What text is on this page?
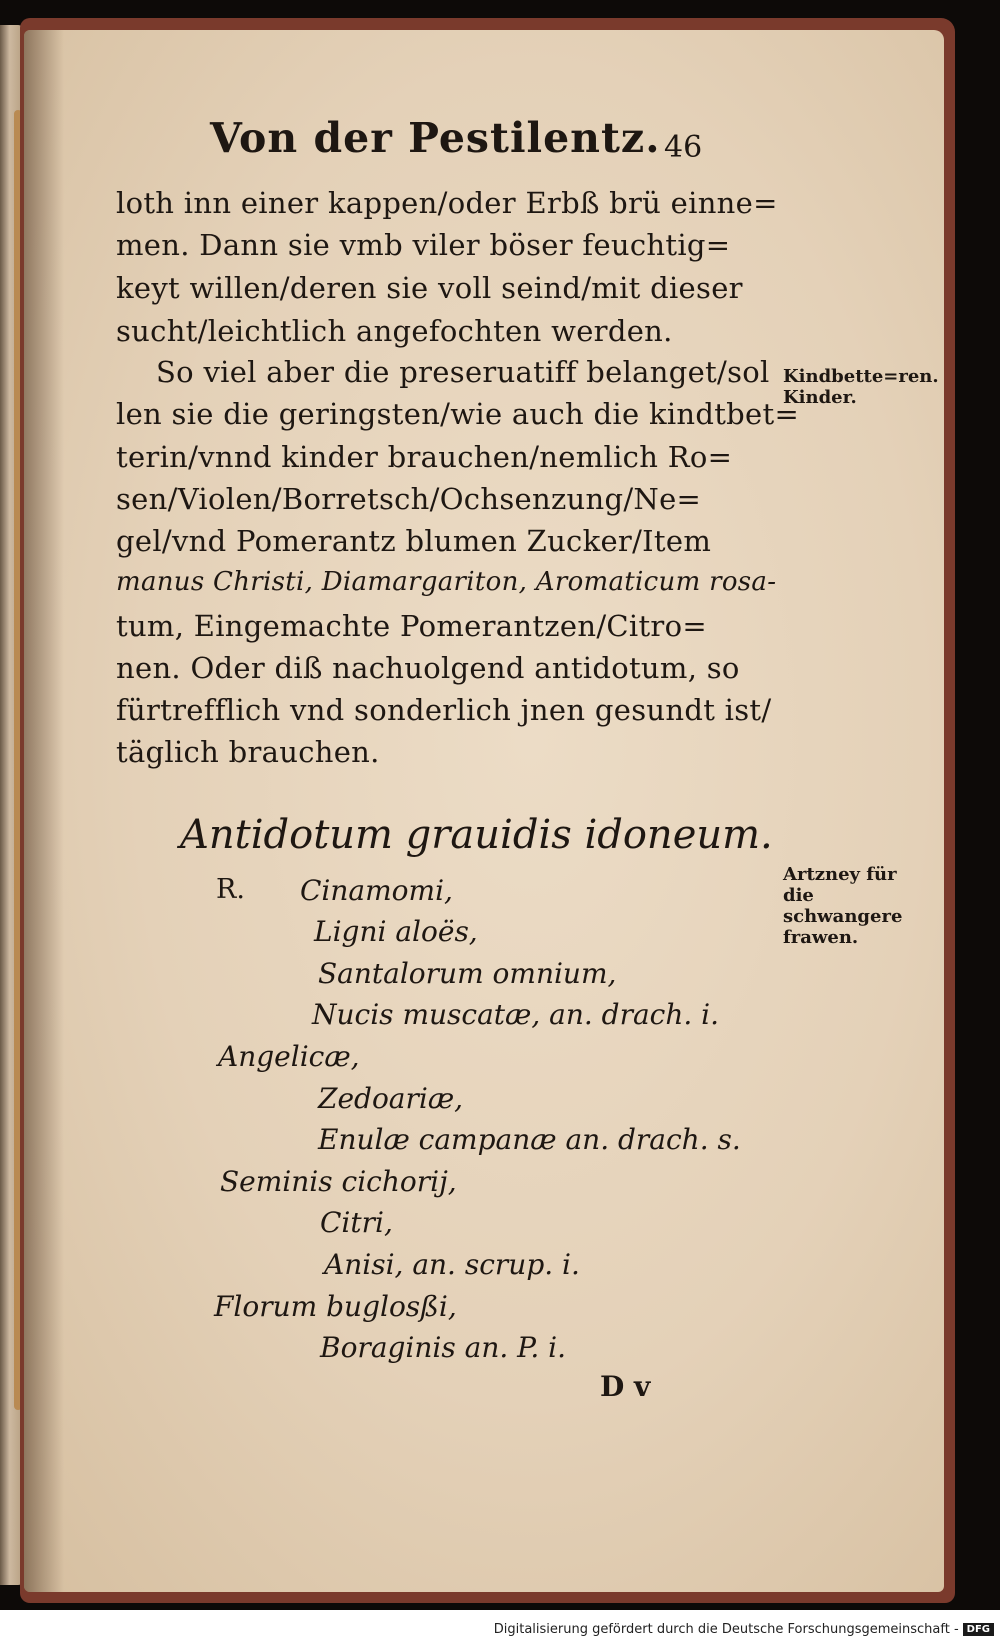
Von der Pestilentz. 46
loth inn einer kappen/oder Erbß brü einne=
men. Dann sie vmb viler böser feuchtig=
keyt willen/deren sie voll seind/mit dieser
sucht/leichtlich angefochten werden.
So viel aber die preseruatiff belanget/sol
len sie die geringsten/wie auch die kindtbet=
terin/vnnd kinder brauchen/nemlich Ro=
sen/Violen/Borretsch/Ochsenzung/Ne=
gel/vnd Pomerantz blumen Zucker/Item
manus Christi, Diamargariton, Aromaticum rosa-
tum, Eingemachte Pomerantzen/Citro=
nen. Oder diß nachuolgend antidotum, so
fürtrefflich vnd sonderlich jnen gesundt ist/
täglich brauchen.
Kindbette=ren. Kinder.
Antidotum grauidis idoneum.
Artzney für die schwangere frawen.
R. Cinamomi,
Ligni aloës,
Santalorum omnium,
Nucis muscatæ, an. drach. i.
Angelicæ,
Zedoariæ,
Enulæ campanæ an. drach. s.
Seminis cichorij,
Citri,
Anisi, an. scrup. i.
Florum buglosßi,
Boraginis an. P. i.
D v
Digitalisierung gefördert durch die Deutsche Forschungsgemeinschaft - DFG
